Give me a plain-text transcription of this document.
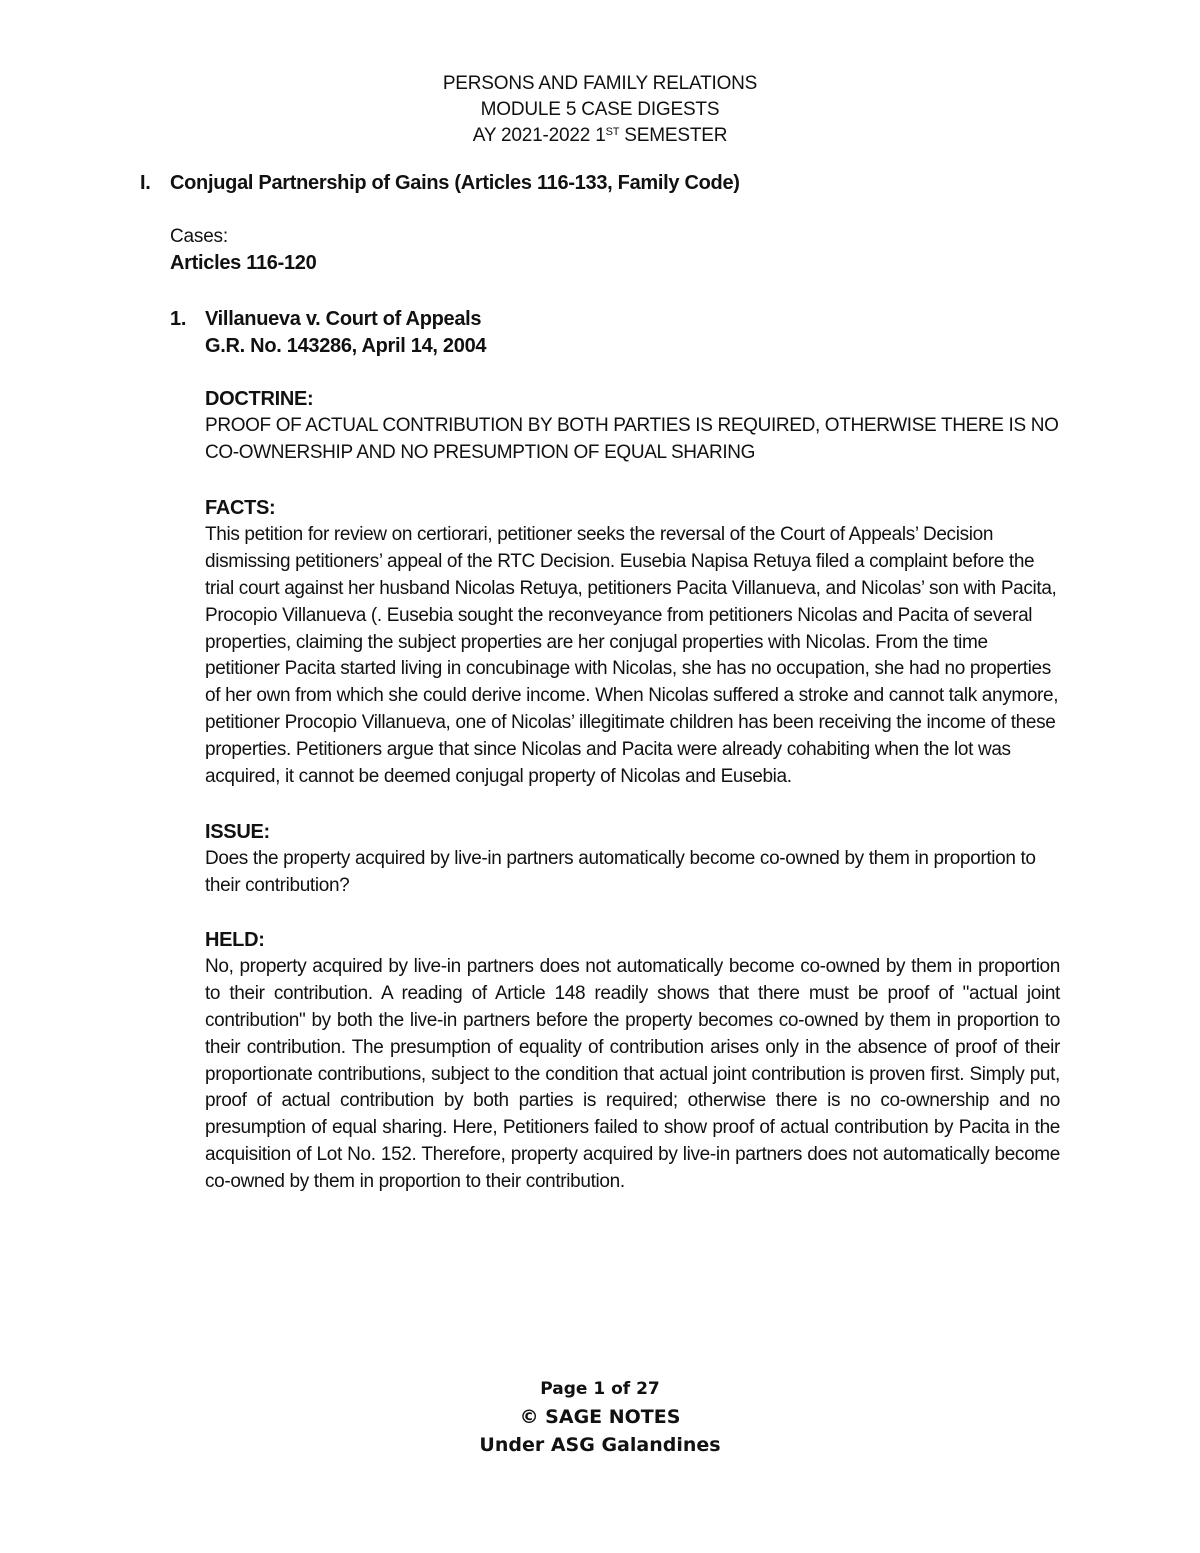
PERSONS AND FAMILY RELATIONS
MODULE 5 CASE DIGESTS
AY 2021-2022 1ST SEMESTER
I. Conjugal Partnership of Gains (Articles 116-133, Family Code)
Cases:
Articles 116-120
1. Villanueva v. Court of Appeals
G.R. No. 143286, April 14, 2004
DOCTRINE:

PROOF OF ACTUAL CONTRIBUTION BY BOTH PARTIES IS REQUIRED, OTHERWISE THERE IS NO CO-OWNERSHIP AND NO PRESUMPTION OF EQUAL SHARING

FACTS:

This petition for review on certiorari, petitioner seeks the reversal of the Court of Appeals’ Decision dismissing petitioners’ appeal of the RTC Decision. Eusebia Napisa Retuya filed a complaint before the trial court against her husband Nicolas Retuya, petitioners Pacita Villanueva, and Nicolas’ son with Pacita, Procopio Villanueva (. Eusebia sought the reconveyance from petitioners Nicolas and Pacita of several properties, claiming the subject properties are her conjugal properties with Nicolas. From the time petitioner Pacita started living in concubinage with Nicolas, she has no occupation, she had no properties of her own from which she could derive income. When Nicolas suffered a stroke and cannot talk anymore, petitioner Procopio Villanueva, one of Nicolas’ illegitimate children has been receiving the income of these properties. Petitioners argue that since Nicolas and Pacita were already cohabiting when the lot was acquired, it cannot be deemed conjugal property of Nicolas and Eusebia.

ISSUE:

Does the property acquired by live-in partners automatically become co-owned by them in proportion to their contribution?

HELD:

No, property acquired by live-in partners does not automatically become co-owned by them in proportion to their contribution. A reading of Article 148 readily shows that there must be proof of "actual joint contribution" by both the live-in partners before the property becomes co-owned by them in proportion to their contribution. The presumption of equality of contribution arises only in the absence of proof of their proportionate contributions, subject to the condition that actual joint contribution is proven first. Simply put, proof of actual contribution by both parties is required; otherwise there is no co-ownership and no presumption of equal sharing. Here, Petitioners failed to show proof of actual contribution by Pacita in the acquisition of Lot No. 152. Therefore, property acquired by live-in partners does not automatically become co-owned by them in proportion to their contribution.

Page 1 of 27
© SAGE NOTES
Under ASG Galandines
